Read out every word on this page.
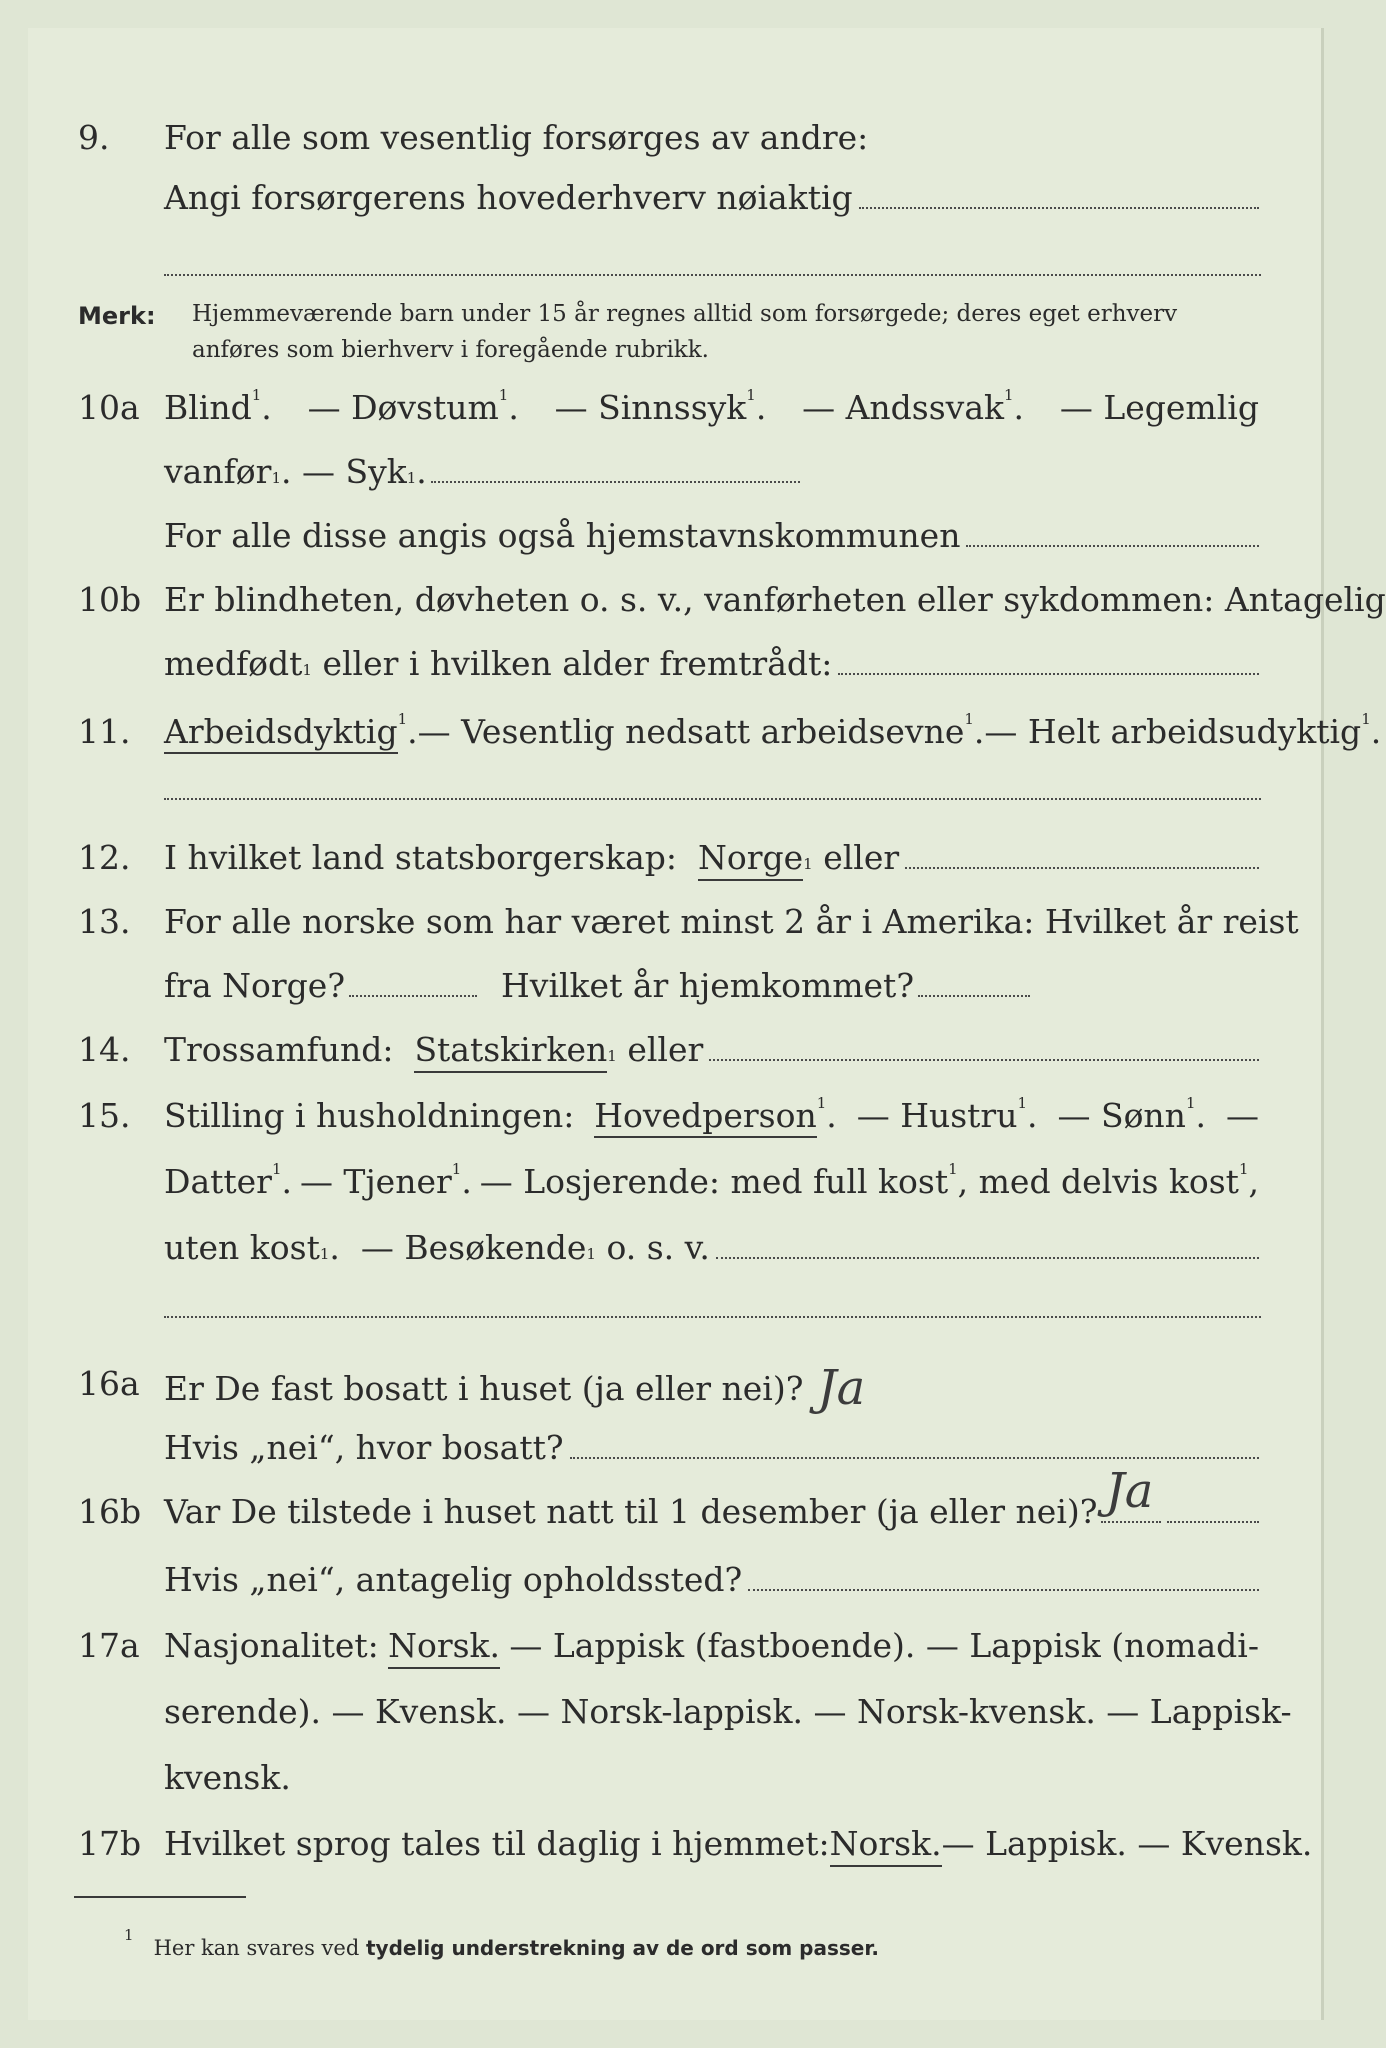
9. For alle som vesentlig forsørges av andre:
Angi forsørgerens hovederhverv nøiaktig
Merk: Hjemmeværende barn under 15 år regnes alltid som forsørgede; deres eget erhverv anføres som bierhverv i foregående rubrikk.
10a Blind$^1$. — Døvstum$^1$. — Sinnssyk$^1$. — Andssvak$^1$. — Legemlig
vanfør 1 . — Syk 1 .
For alle disse angis også hjemstavnskommunen
10b Er blindheten, døvheten o. s. v., vanførheten eller sykdommen: Antagelig
medfødt 1
eller i hvilken alder fremtrådt:
11. Arbeidsdyktig$^1$. — Vesentlig nedsatt arbeidsevne$^1$. — Helt arbeidsudyktig$^1$.
12. I hvilket land statsborgerskap:
Norge 1
eller
13. For alle norske som har været minst 2 år i Amerika: Hvilket år reist
fra Norge?	Hvilket år hjemkommet?
14. Trossamfund:
Statskirken 1
eller
15. Stilling i husholdningen: Hovedperson$^1$. — Hustru$^1$. — Sønn$^1$. —
Datter$^1$. — Tjener$^1$. — Losjerende: med full kost$^1$, med delvis kost$^1$,
uten kost 1 . — Besøkende 1
o. s. v.
16a Er De fast bosatt i huset (ja eller nei)? Ja
Hvis „nei“, hvor bosatt?
16b Var De tilstede i huset natt til 1 desember (ja eller nei)? Ja
Hvis „nei“, antagelig opholdssted?
17a Nasjonalitet: Norsk. — Lappisk (fastboende). — Lappisk (nomadi-
serende). — Kvensk. — Norsk-lappisk. — Norsk-kvensk. — Lappisk-
kvensk.
17b Hvilket sprog tales til daglig i hjemmet: Norsk. — Lappisk. — Kvensk.
$^1$   Her kan svares ved tydelig understrekning av de ord som passer.
